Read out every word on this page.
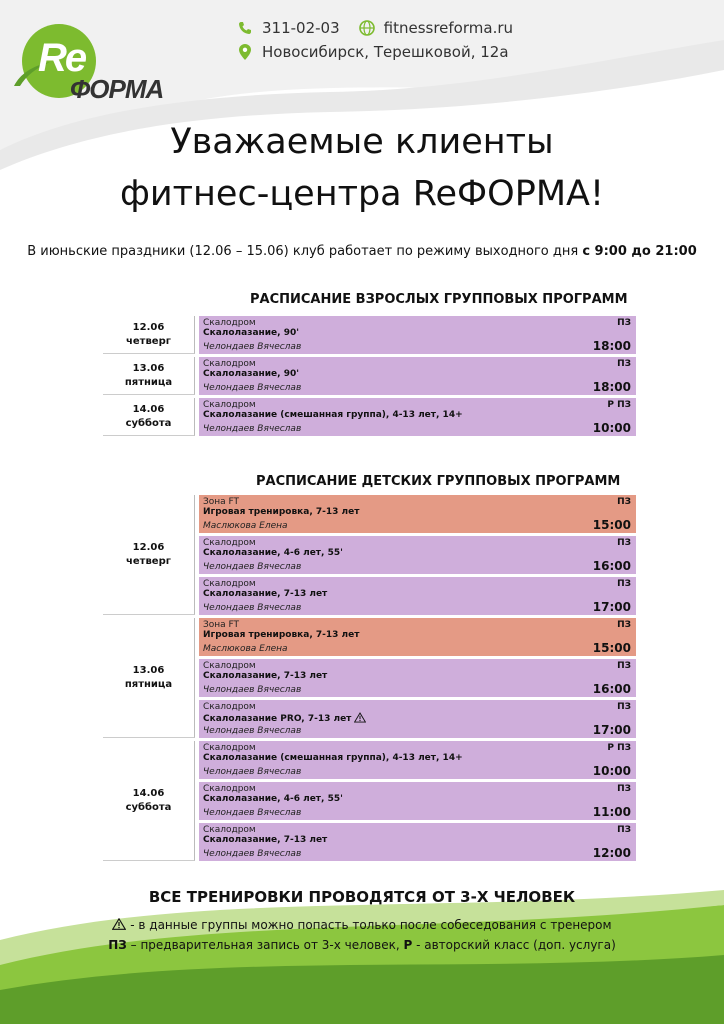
Re
ФОРМА
311-02-03	fitnessreforma.ru
Новосибирск, Терешковой, 12а
Уважаемые клиенты
фитнес-центра ReФОРМА!
В июньские праздники (12.06 – 15.06) клуб работает по режиму выходного дня с 9:00 до 21:00
РАСПИСАНИЕ ВЗРОСЛЫХ ГРУППОВЫХ ПРОГРАММ
12.06
четверг
Скалодром
Скалолазание, 90'
Челондаев Вячеслав
ПЗ
18:00
13.06
пятница
Скалодром
Скалолазание, 90'
Челондаев Вячеслав
ПЗ
18:00
14.06
суббота
Скалодром
Скалолазание (смешанная группа), 4-13 лет, 14+
Челондаев Вячеслав
Р ПЗ
10:00
РАСПИСАНИЕ ДЕТСКИХ ГРУППОВЫХ ПРОГРАММ
12.06
четверг
Зона FT
Игровая тренировка, 7-13 лет
Маслюкова Елена
ПЗ
15:00
Скалодром
Скалолазание, 4-6 лет, 55'
Челондаев Вячеслав
ПЗ
16:00
Скалодром
Скалолазание, 7-13 лет
Челондаев Вячеслав
ПЗ
17:00
13.06
пятница
Зона FT
Игровая тренировка, 7-13 лет
Маслюкова Елена
ПЗ
15:00
Скалодром
Скалолазание, 7-13 лет
Челондаев Вячеслав
ПЗ
16:00
Скалодром
Скалолазание PRO, 7-13 лет
Челондаев Вячеслав
ПЗ
17:00
14.06
суббота
Скалодром
Скалолазание (смешанная группа), 4-13 лет, 14+
Челондаев Вячеслав
Р ПЗ
10:00
Скалодром
Скалолазание, 4-6 лет, 55'
Челондаев Вячеслав
ПЗ
11:00
Скалодром
Скалолазание, 7-13 лет
Челондаев Вячеслав
ПЗ
12:00
ВСЕ ТРЕНИРОВКИ ПРОВОДЯТСЯ ОТ 3-Х ЧЕЛОВЕК
- в данные группы можно попасть только после собеседования с тренером
ПЗ – предварительная запись от 3-х человек, Р - авторский класс (доп. услуга)
